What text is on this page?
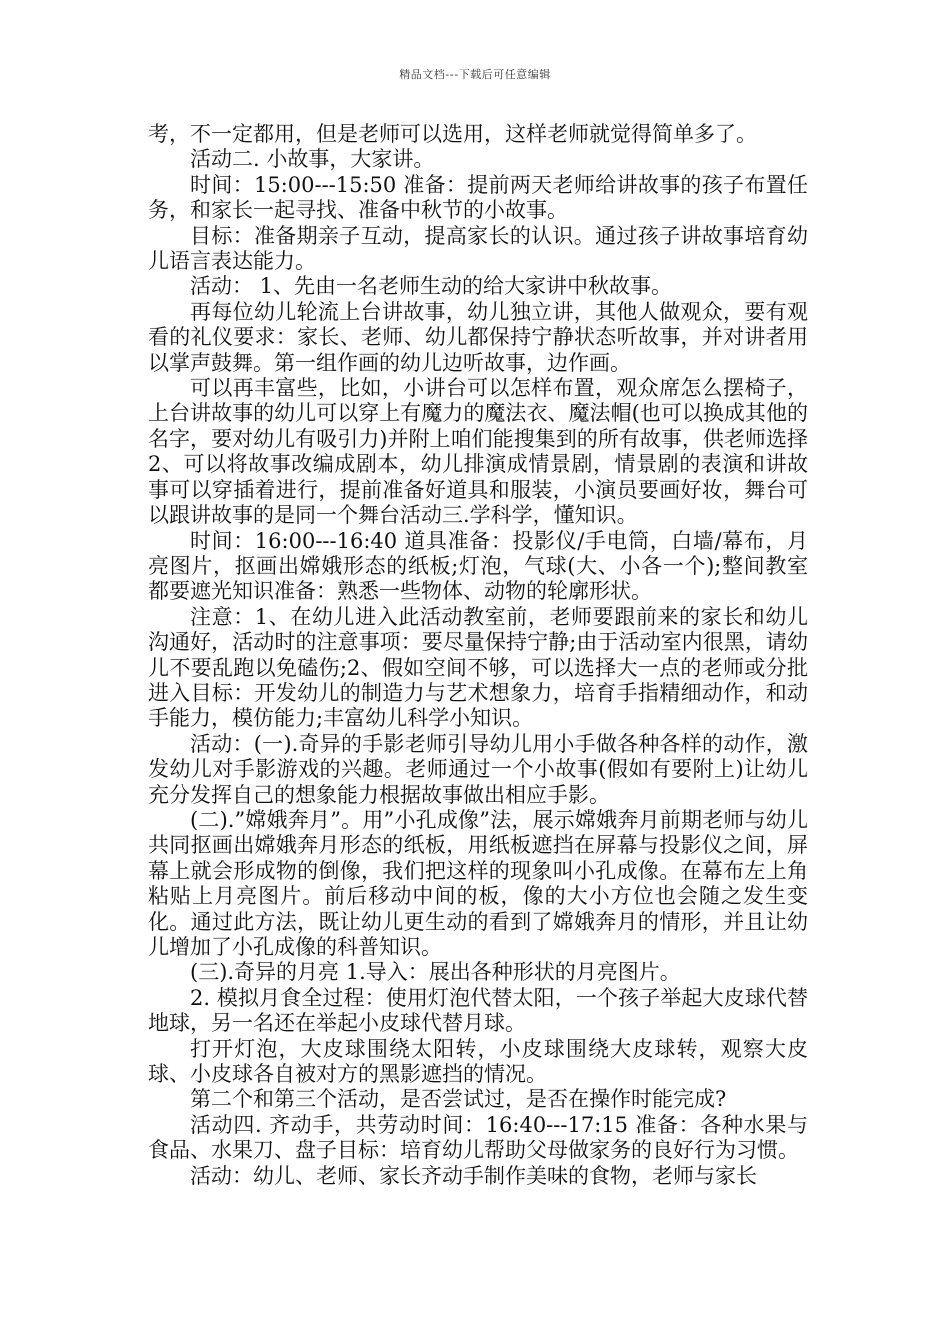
精品文档---下载后可任意编辑

考，不一定都用，但是老师可以选用，这样老师就觉得简单多了。

活动二. 小故事，大家讲。

时间：15:00---15:50 准备：提前两天老师给讲故事的孩子布置任务，和家长一起寻找、准备中秋节的小故事。

目标：准备期亲子互动，提高家长的认识。通过孩子讲故事培育幼儿语言表达能力。

活动： 1、先由一名老师生动的给大家讲中秋故事。

再每位幼儿轮流上台讲故事，幼儿独立讲，其他人做观众，要有观看的礼仪要求：家长、老师、幼儿都保持宁静状态听故事，并对讲者用以掌声鼓舞。第一组作画的幼儿边听故事，边作画。

可以再丰富些，比如，小讲台可以怎样布置，观众席怎么摆椅子，上台讲故事的幼儿可以穿上有魔力的魔法衣、魔法帽(也可以换成其他的名字，要对幼儿有吸引力)并附上咱们能搜集到的所有故事，供老师选择 2、可以将故事改编成剧本，幼儿排演成情景剧，情景剧的表演和讲故事可以穿插着进行，提前准备好道具和服装，小演员要画好妆，舞台可以跟讲故事的是同一个舞台活动三.学科学，懂知识。

时间：16:00---16:40 道具准备：投影仪/手电筒，白墙/幕布，月亮图片，抠画出嫦娥形态的纸板;灯泡，气球(大、小各一个);整间教室都要遮光知识准备：熟悉一些物体、动物的轮廓形状。

注意：1、在幼儿进入此活动教室前，老师要跟前来的家长和幼儿沟通好，活动时的注意事项：要尽量保持宁静;由于活动室内很黑，请幼儿不要乱跑以免磕伤;2、假如空间不够，可以选择大一点的老师或分批进入目标：开发幼儿的制造力与艺术想象力，培育手指精细动作，和动手能力，模仿能力;丰富幼儿科学小知识。

活动：(一).奇异的手影老师引导幼儿用小手做各种各样的动作，激发幼儿对手影游戏的兴趣。老师通过一个小故事(假如有要附上)让幼儿充分发挥自己的想象能力根据故事做出相应手影。

(二).”嫦娥奔月”。用”小孔成像”法，展示嫦娥奔月前期老师与幼儿共同抠画出嫦娥奔月形态的纸板，用纸板遮挡在屏幕与投影仪之间，屏幕上就会形成物的倒像，我们把这样的现象叫小孔成像。在幕布左上角粘贴上月亮图片。前后移动中间的板，像的大小方位也会随之发生变化。通过此方法，既让幼儿更生动的看到了嫦娥奔月的情形，并且让幼儿增加了小孔成像的科普知识。

(三).奇异的月亮 1.导入：展出各种形状的月亮图片。

2. 模拟月食全过程：使用灯泡代替太阳，一个孩子举起大皮球代替地球，另一名还在举起小皮球代替月球。

打开灯泡，大皮球围绕太阳转，小皮球围绕大皮球转，观察大皮球、小皮球各自被对方的黑影遮挡的情况。

第二个和第三个活动，是否尝试过，是否在操作时能完成?

活动四. 齐动手，共劳动时间：16:40---17:15 准备：各种水果与食品、水果刀、盘子目标：培育幼儿帮助父母做家务的良好行为习惯。

活动：幼儿、老师、家长齐动手制作美味的食物，老师与家长
